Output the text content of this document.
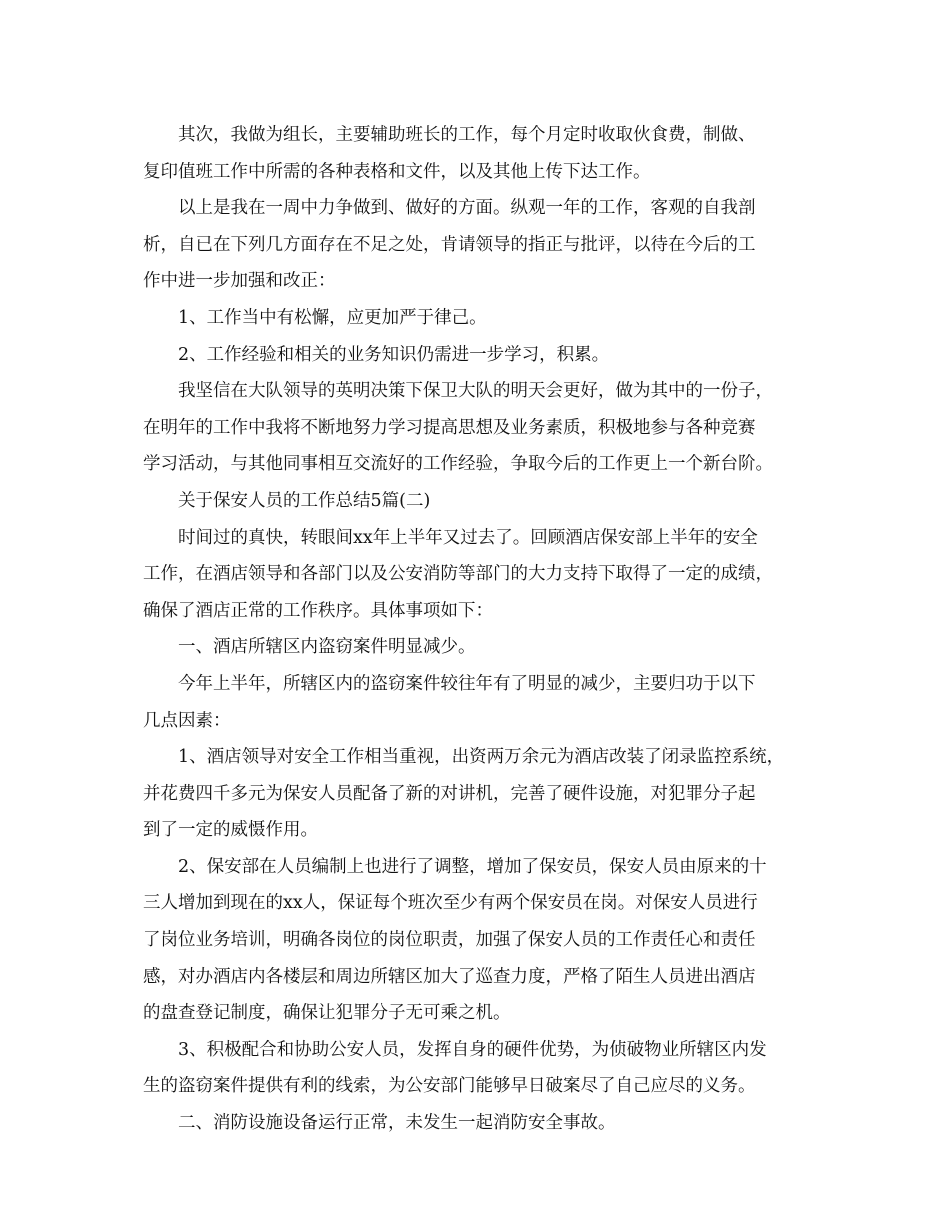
其次，我做为组长，主要辅助班长的工作，每个月定时收取伙食费，制做、
复印值班工作中所需的各种表格和文件，以及其他上传下达工作。
以上是我在一周中力争做到、做好的方面。纵观一年的工作，客观的自我剖
析，自已在下列几方面存在不足之处，肯请领导的指正与批评，以待在今后的工
作中进一步加强和改正：
1、工作当中有松懈，应更加严于律己。
2、工作经验和相关的业务知识仍需进一步学习，积累。
我坚信在大队领导的英明决策下保卫大队的明天会更好，做为其中的一份子，
在明年的工作中我将不断地努力学习提高思想及业务素质，积极地参与各种竞赛
学习活动，与其他同事相互交流好的工作经验，争取今后的工作更上一个新台阶。
关于保安人员的工作总结5篇(二)
时间过的真快，转眼间xx年上半年又过去了。回顾酒店保安部上半年的安全
工作，在酒店领导和各部门以及公安消防等部门的大力支持下取得了一定的成绩，
确保了酒店正常的工作秩序。具体事项如下：
一、酒店所辖区内盗窃案件明显减少。
今年上半年，所辖区内的盗窃案件较往年有了明显的减少，主要归功于以下
几点因素：
1、酒店领导对安全工作相当重视，出资两万余元为酒店改装了闭录监控系统，
并花费四千多元为保安人员配备了新的对讲机，完善了硬件设施，对犯罪分子起
到了一定的威慑作用。
2、保安部在人员编制上也进行了调整，增加了保安员，保安人员由原来的十
三人增加到现在的xx人，保证每个班次至少有两个保安员在岗。对保安人员进行
了岗位业务培训，明确各岗位的岗位职责，加强了保安人员的工作责任心和责任
感，对办酒店内各楼层和周边所辖区加大了巡查力度，严格了陌生人员进出酒店
的盘查登记制度，确保让犯罪分子无可乘之机。
3、积极配合和协助公安人员，发挥自身的硬件优势，为侦破物业所辖区内发
生的盗窃案件提供有利的线索，为公安部门能够早日破案尽了自己应尽的义务。
二、消防设施设备运行正常，未发生一起消防安全事故。
